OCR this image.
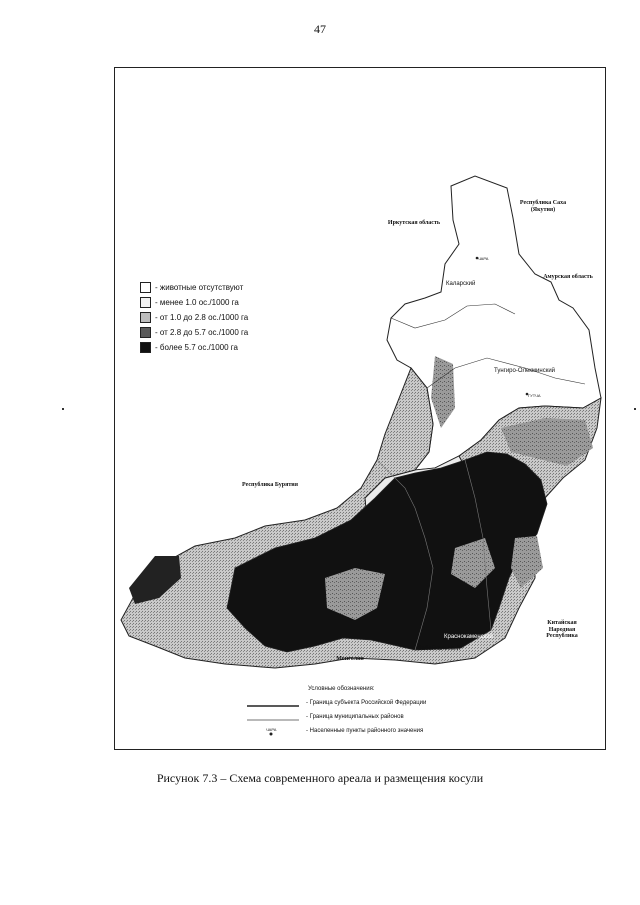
47
- животные отсутствуют
- менее 1.0 ос./1000 га
- от 1.0 до 2.8 ос./1000 га
- от 2.8 до 5.7 ос./1000 га
- более 5.7 ос./1000 га
Республика Саха (Якутия)
Иркутская область
Амурская область
Республика Бурятия
Монголия
Китайская Народная Республика
Каларский
Тунгиро-Олекминский
Краснокаменский
Забайкальский
ЧАРА
ГУТЧА
Условные обозначения:
- Граница субъекта Российской Федерации
- Граница муниципальных районов
ЧАРА	- Населенные пункты районного значения
Рисунок 7.3 – Схема современного ареала и размещения косули
